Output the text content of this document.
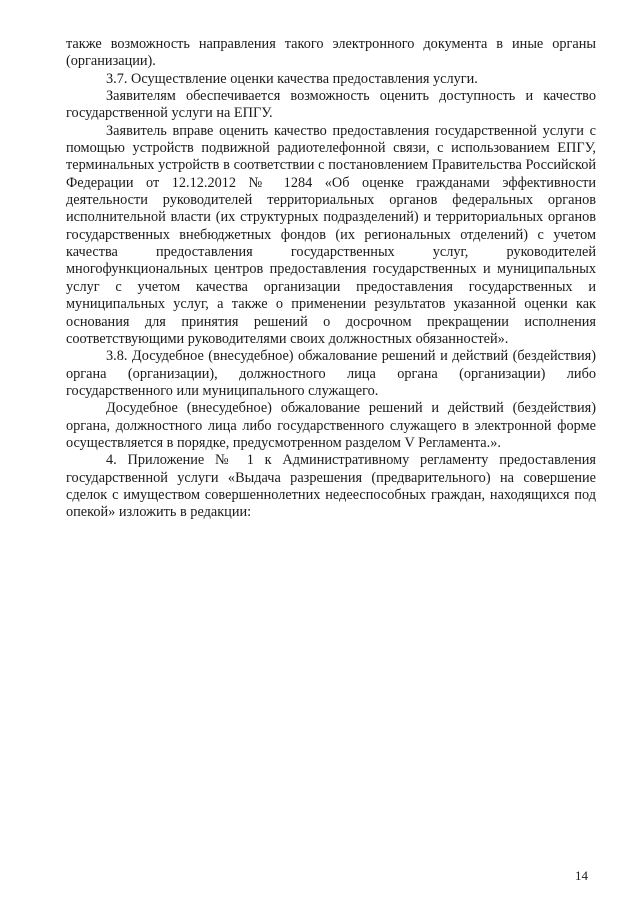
также возможность направления такого электронного документа в иные органы (организации).

3.7. Осуществление оценки качества предоставления услуги.

Заявителям обеспечивается возможность оценить доступность и качество государственной услуги на ЕПГУ.

Заявитель вправе оценить качество предоставления государственной услуги с помощью устройств подвижной радиотелефонной связи, с использованием ЕПГУ, терминальных устройств в соответствии с постановлением Правительства Российской Федерации от 12.12.2012 № 1284 «Об оценке гражданами эффективности деятельности руководителей территориальных органов федеральных органов исполнительной власти (их структурных подразделений) и территориальных органов государственных внебюджетных фондов (их региональных отделений) с учетом качества предоставления государственных услуг, руководителей многофункциональных центров предоставления государственных и муниципальных услуг с учетом качества организации предоставления государственных и муниципальных услуг, а также о применении результатов указанной оценки как основания для принятия решений о досрочном прекращении исполнения соответствующими руководителями своих должностных обязанностей».

3.8. Досудебное (внесудебное) обжалование решений и действий (бездействия) органа (организации), должностного лица органа (организации) либо государственного или муниципального служащего.

Досудебное (внесудебное) обжалование решений и действий (бездействия) органа, должностного лица либо государственного служащего в электронной форме осуществляется в порядке, предусмотренном разделом V Регламента.».

4. Приложение № 1 к Административному регламенту предоставления государственной услуги «Выдача разрешения (предварительного) на совершение сделок с имуществом совершеннолетних недееспособных граждан, находящихся под опекой» изложить в редакции:

14
